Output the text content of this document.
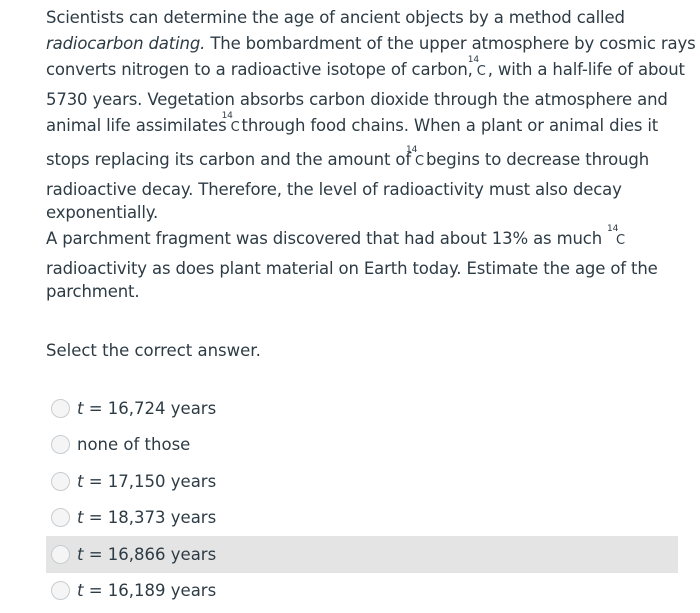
Scientists can determine the age of ancient objects by a method called
radiocarbon dating. The bombardment of the upper atmosphere by cosmic rays
converts nitrogen to a radioactive isotope of carbon,
14
C , with a half-life of about
5730 years. Vegetation absorbs carbon dioxide through the atmosphere and
animal life assimilates
14
C through food chains. When a plant or animal dies it
stops replacing its carbon and the amount of
14
C begins to decrease through
radioactive decay. Therefore, the level of radioactivity must also decay
exponentially.
A parchment fragment was discovered that had about 13% as much 14
C
radioactivity as does plant material on Earth today. Estimate the age of the
parchment.
Select the correct answer.
t = 16,724 years
none of those
t = 17,150 years
t = 18,373 years
t = 16,866 years
t = 16,189 years
